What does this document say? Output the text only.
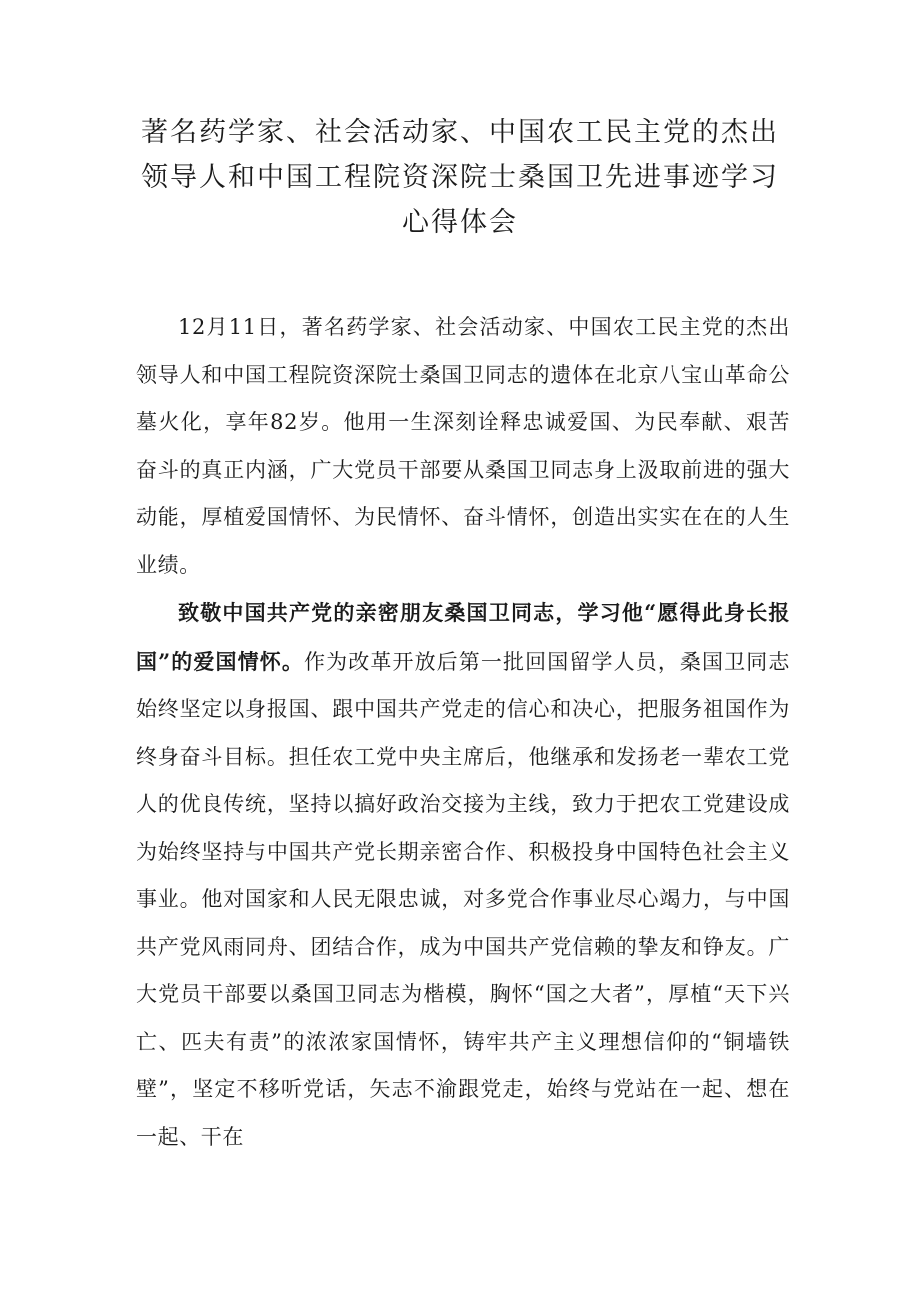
著名药学家、社会活动家、中国农工民主党的杰出领导人和中国工程院资深院士桑国卫先进事迹学习心得体会

12月11日，著名药学家、社会活动家、中国农工民主党的杰出领导人和中国工程院资深院士桑国卫同志的遗体在北京八宝山革命公墓火化，享年82岁。他用一生深刻诠释忠诚爱国、为民奉献、艰苦奋斗的真正内涵，广大党员干部要从桑国卫同志身上汲取前进的强大动能，厚植爱国情怀、为民情怀、奋斗情怀，创造出实实在在的人生业绩。

致敬中国共产党的亲密朋友桑国卫同志，学习他“愿得此身长报国”的爱国情怀。作为改革开放后第一批回国留学人员，桑国卫同志始终坚定以身报国、跟中国共产党走的信心和决心，把服务祖国作为终身奋斗目标。担任农工党中央主席后，他继承和发扬老一辈农工党人的优良传统，坚持以搞好政治交接为主线，致力于把农工党建设成为始终坚持与中国共产党长期亲密合作、积极投身中国特色社会主义事业。他对国家和人民无限忠诚，对多党合作事业尽心竭力，与中国共产党风雨同舟、团结合作，成为中国共产党信赖的挚友和铮友。广大党员干部要以桑国卫同志为楷模，胸怀“国之大者”，厚植“天下兴亡、匹夫有责”的浓浓家国情怀，铸牢共产主义理想信仰的“铜墙铁壁”，坚定不移听党话，矢志不渝跟党走，始终与党站在一起、想在一起、干在
